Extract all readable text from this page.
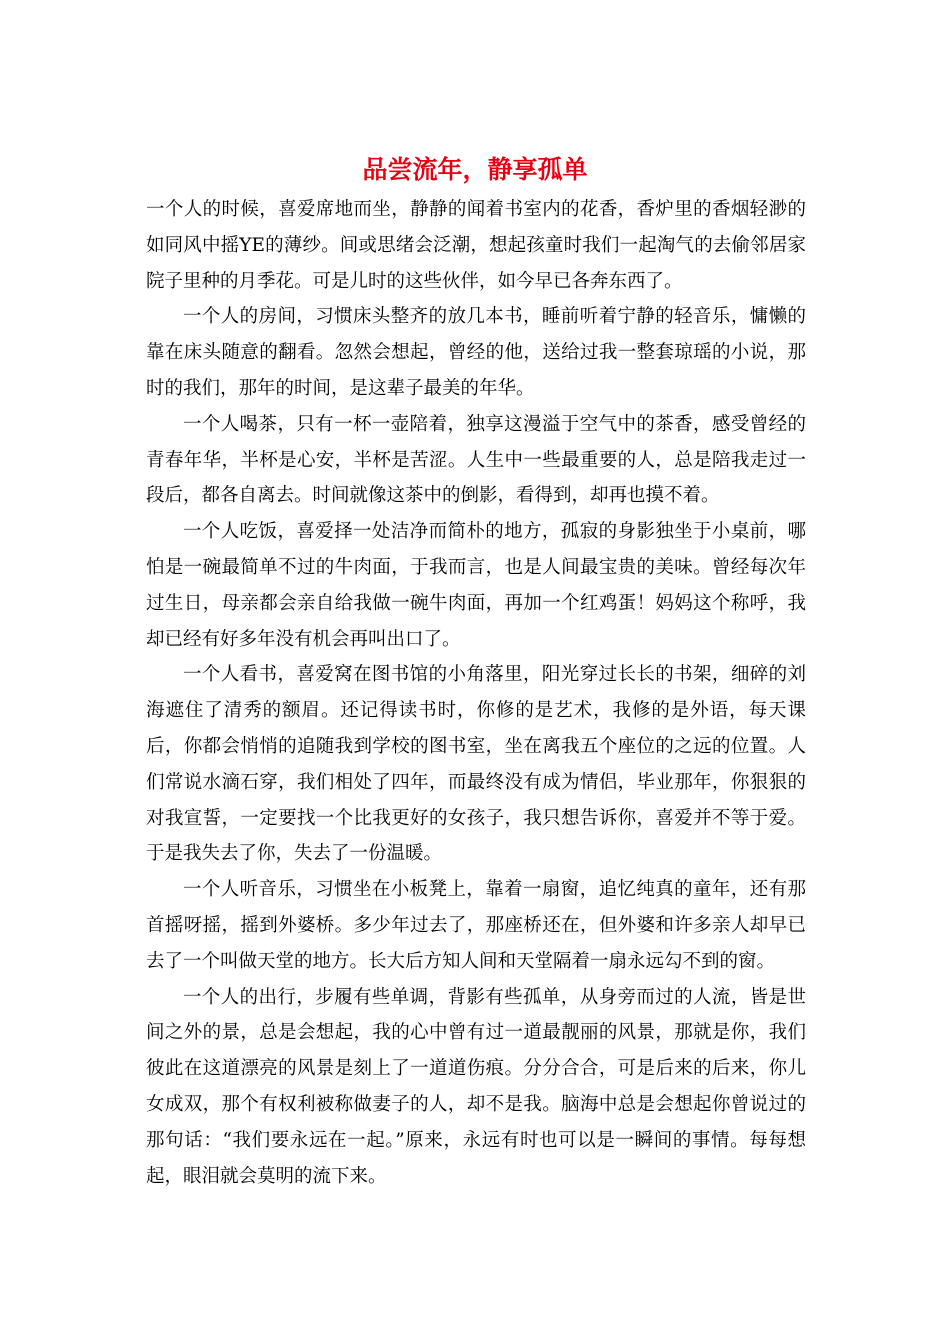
品尝流年，静享孤单

一个人的时候，喜爱席地而坐，静静的闻着书室内的花香，香炉里的香烟轻渺的如同风中摇YE的薄纱。间或思绪会泛潮，想起孩童时我们一起淘气的去偷邻居家院子里种的月季花。可是儿时的这些伙伴，如今早已各奔东西了。

一个人的房间，习惯床头整齐的放几本书，睡前听着宁静的轻音乐，慵懒的靠在床头随意的翻看。忽然会想起，曾经的他，送给过我一整套琼瑶的小说，那时的我们，那年的时间，是这辈子最美的年华。

一个人喝茶，只有一杯一壶陪着，独享这漫溢于空气中的茶香，感受曾经的青春年华，半杯是心安，半杯是苦涩。人生中一些最重要的人，总是陪我走过一段后，都各自离去。时间就像这茶中的倒影，看得到，却再也摸不着。

一个人吃饭，喜爱择一处洁净而简朴的地方，孤寂的身影独坐于小桌前，哪怕是一碗最简单不过的牛肉面，于我而言，也是人间最宝贵的美味。曾经每次年过生日，母亲都会亲自给我做一碗牛肉面，再加一个红鸡蛋！妈妈这个称呼，我却已经有好多年没有机会再叫出口了。

一个人看书，喜爱窝在图书馆的小角落里，阳光穿过长长的书架，细碎的刘海遮住了清秀的额眉。还记得读书时，你修的是艺术，我修的是外语，每天课后，你都会悄悄的追随我到学校的图书室，坐在离我五个座位的之远的位置。人们常说水滴石穿，我们相处了四年，而最终没有成为情侣，毕业那年，你狠狠的对我宣誓，一定要找一个比我更好的女孩子，我只想告诉你，喜爱并不等于爱。于是我失去了你，失去了一份温暖。

一个人听音乐，习惯坐在小板凳上，靠着一扇窗，追忆纯真的童年，还有那首摇呀摇，摇到外婆桥。多少年过去了，那座桥还在，但外婆和许多亲人却早已去了一个叫做天堂的地方。长大后方知人间和天堂隔着一扇永远勾不到的窗。

一个人的出行，步履有些单调，背影有些孤单，从身旁而过的人流，皆是世间之外的景，总是会想起，我的心中曾有过一道最靓丽的风景，那就是你，我们彼此在这道漂亮的风景是刻上了一道道伤痕。分分合合，可是后来的后来，你儿女成双，那个有权利被称做妻子的人，却不是我。脑海中总是会想起你曾说过的那句话：“我们要永远在一起。”原来，永远有时也可以是一瞬间的事情。每每想起，眼泪就会莫明的流下来。
